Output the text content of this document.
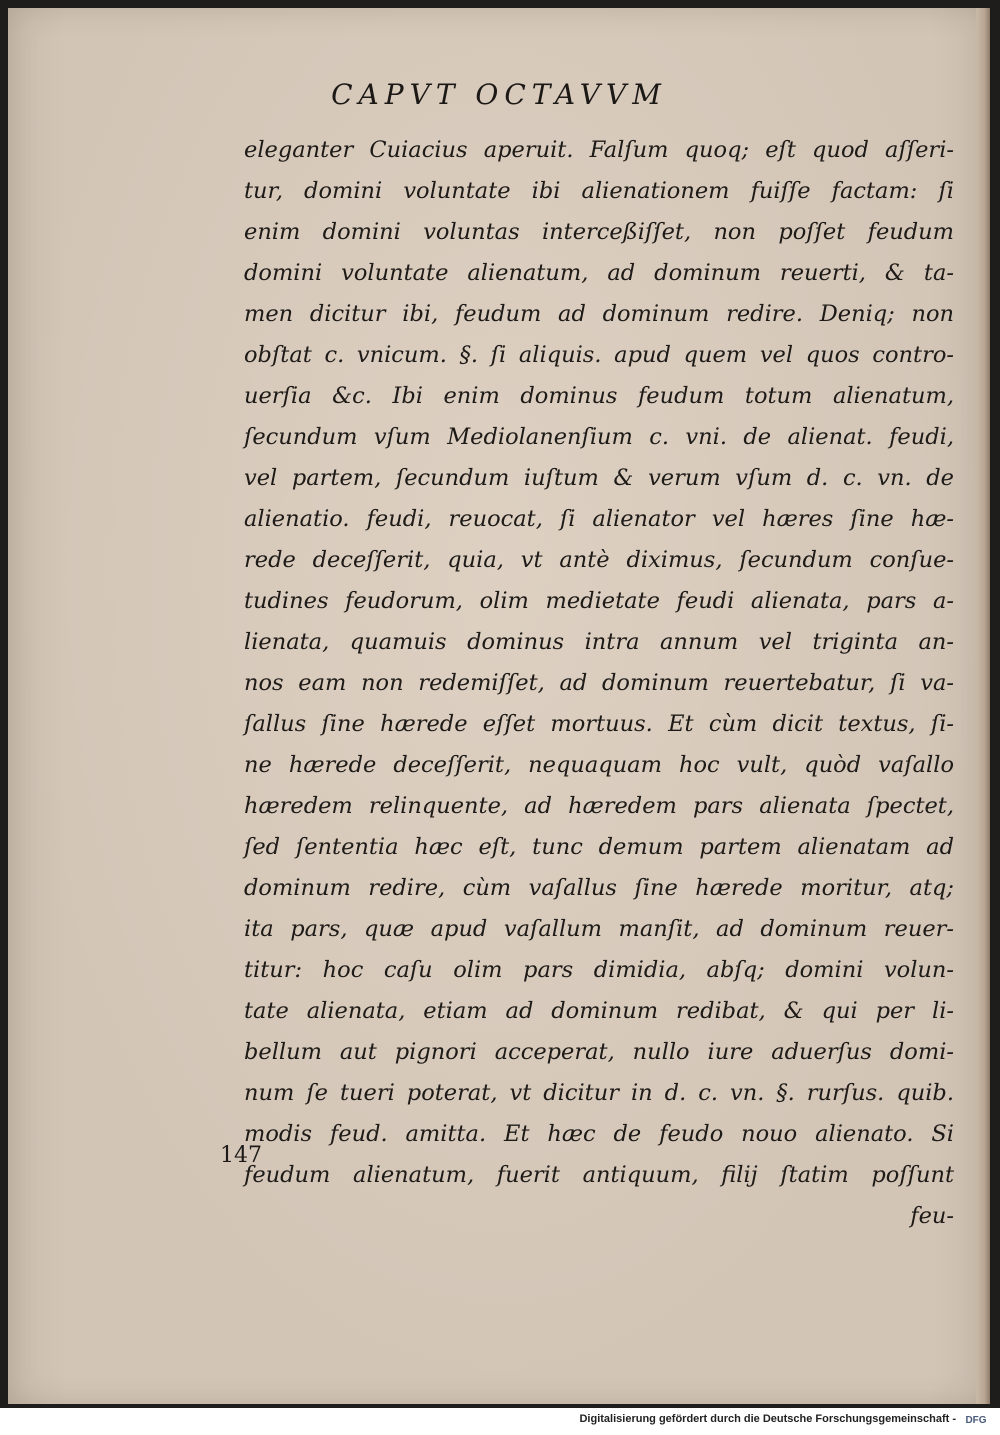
CAPVT OCTAVVM
147
eleganter Cuiacius aperuit. Falſum quoq; eſt quod aſſeri-
tur, domini voluntate ibi alienationem fuiſſe factam: ſi
enim domini voluntas interceßiſſet, non poſſet feudum
domini voluntate alienatum, ad dominum reuerti, & ta-
men dicitur ibi, feudum ad dominum redire. Deniq; non
obſtat c. vnicum. §. ſi aliquis. apud quem vel quos contro-
uerſia &c. Ibi enim dominus feudum totum alienatum,
ſecundum vſum Mediolanenſium c. vni. de alienat. feudi,
vel partem, ſecundum iuſtum & verum vſum d. c. vn. de
alienatio. feudi, reuocat, ſi alienator vel hæres ſine hæ-
rede deceſſerit, quia, vt antè diximus, ſecundum conſue-
tudines feudorum, olim medietate feudi alienata, pars a-
lienata, quamuis dominus intra annum vel triginta an-
nos eam non redemiſſet, ad dominum reuertebatur, ſi va-
ſallus ſine hærede eſſet mortuus. Et cùm dicit textus, ſi-
ne hærede deceſſerit, nequaquam hoc vult, quòd vaſallo
hæredem relinquente, ad hæredem pars alienata ſpectet,
ſed ſententia hæc eſt, tunc demum partem alienatam ad
dominum redire, cùm vaſallus ſine hærede moritur, atq;
ita pars, quæ apud vaſallum manſit, ad dominum reuer-
titur: hoc caſu olim pars dimidia, abſq; domini volun-
tate alienata, etiam ad dominum redibat, & qui per li-
bellum aut pignori acceperat, nullo iure aduerſus domi-
num ſe tueri poterat, vt dicitur in d. c. vn. §. rurſus. quib.
modis feud. amitta. Et hæc de feudo nouo alienato. Si
feudum alienatum, fuerit antiquum, filij ſtatim poſſunt
feu-
Digitalisierung gefördert durch die Deutsche Forschungsgemeinschaft - DFG
